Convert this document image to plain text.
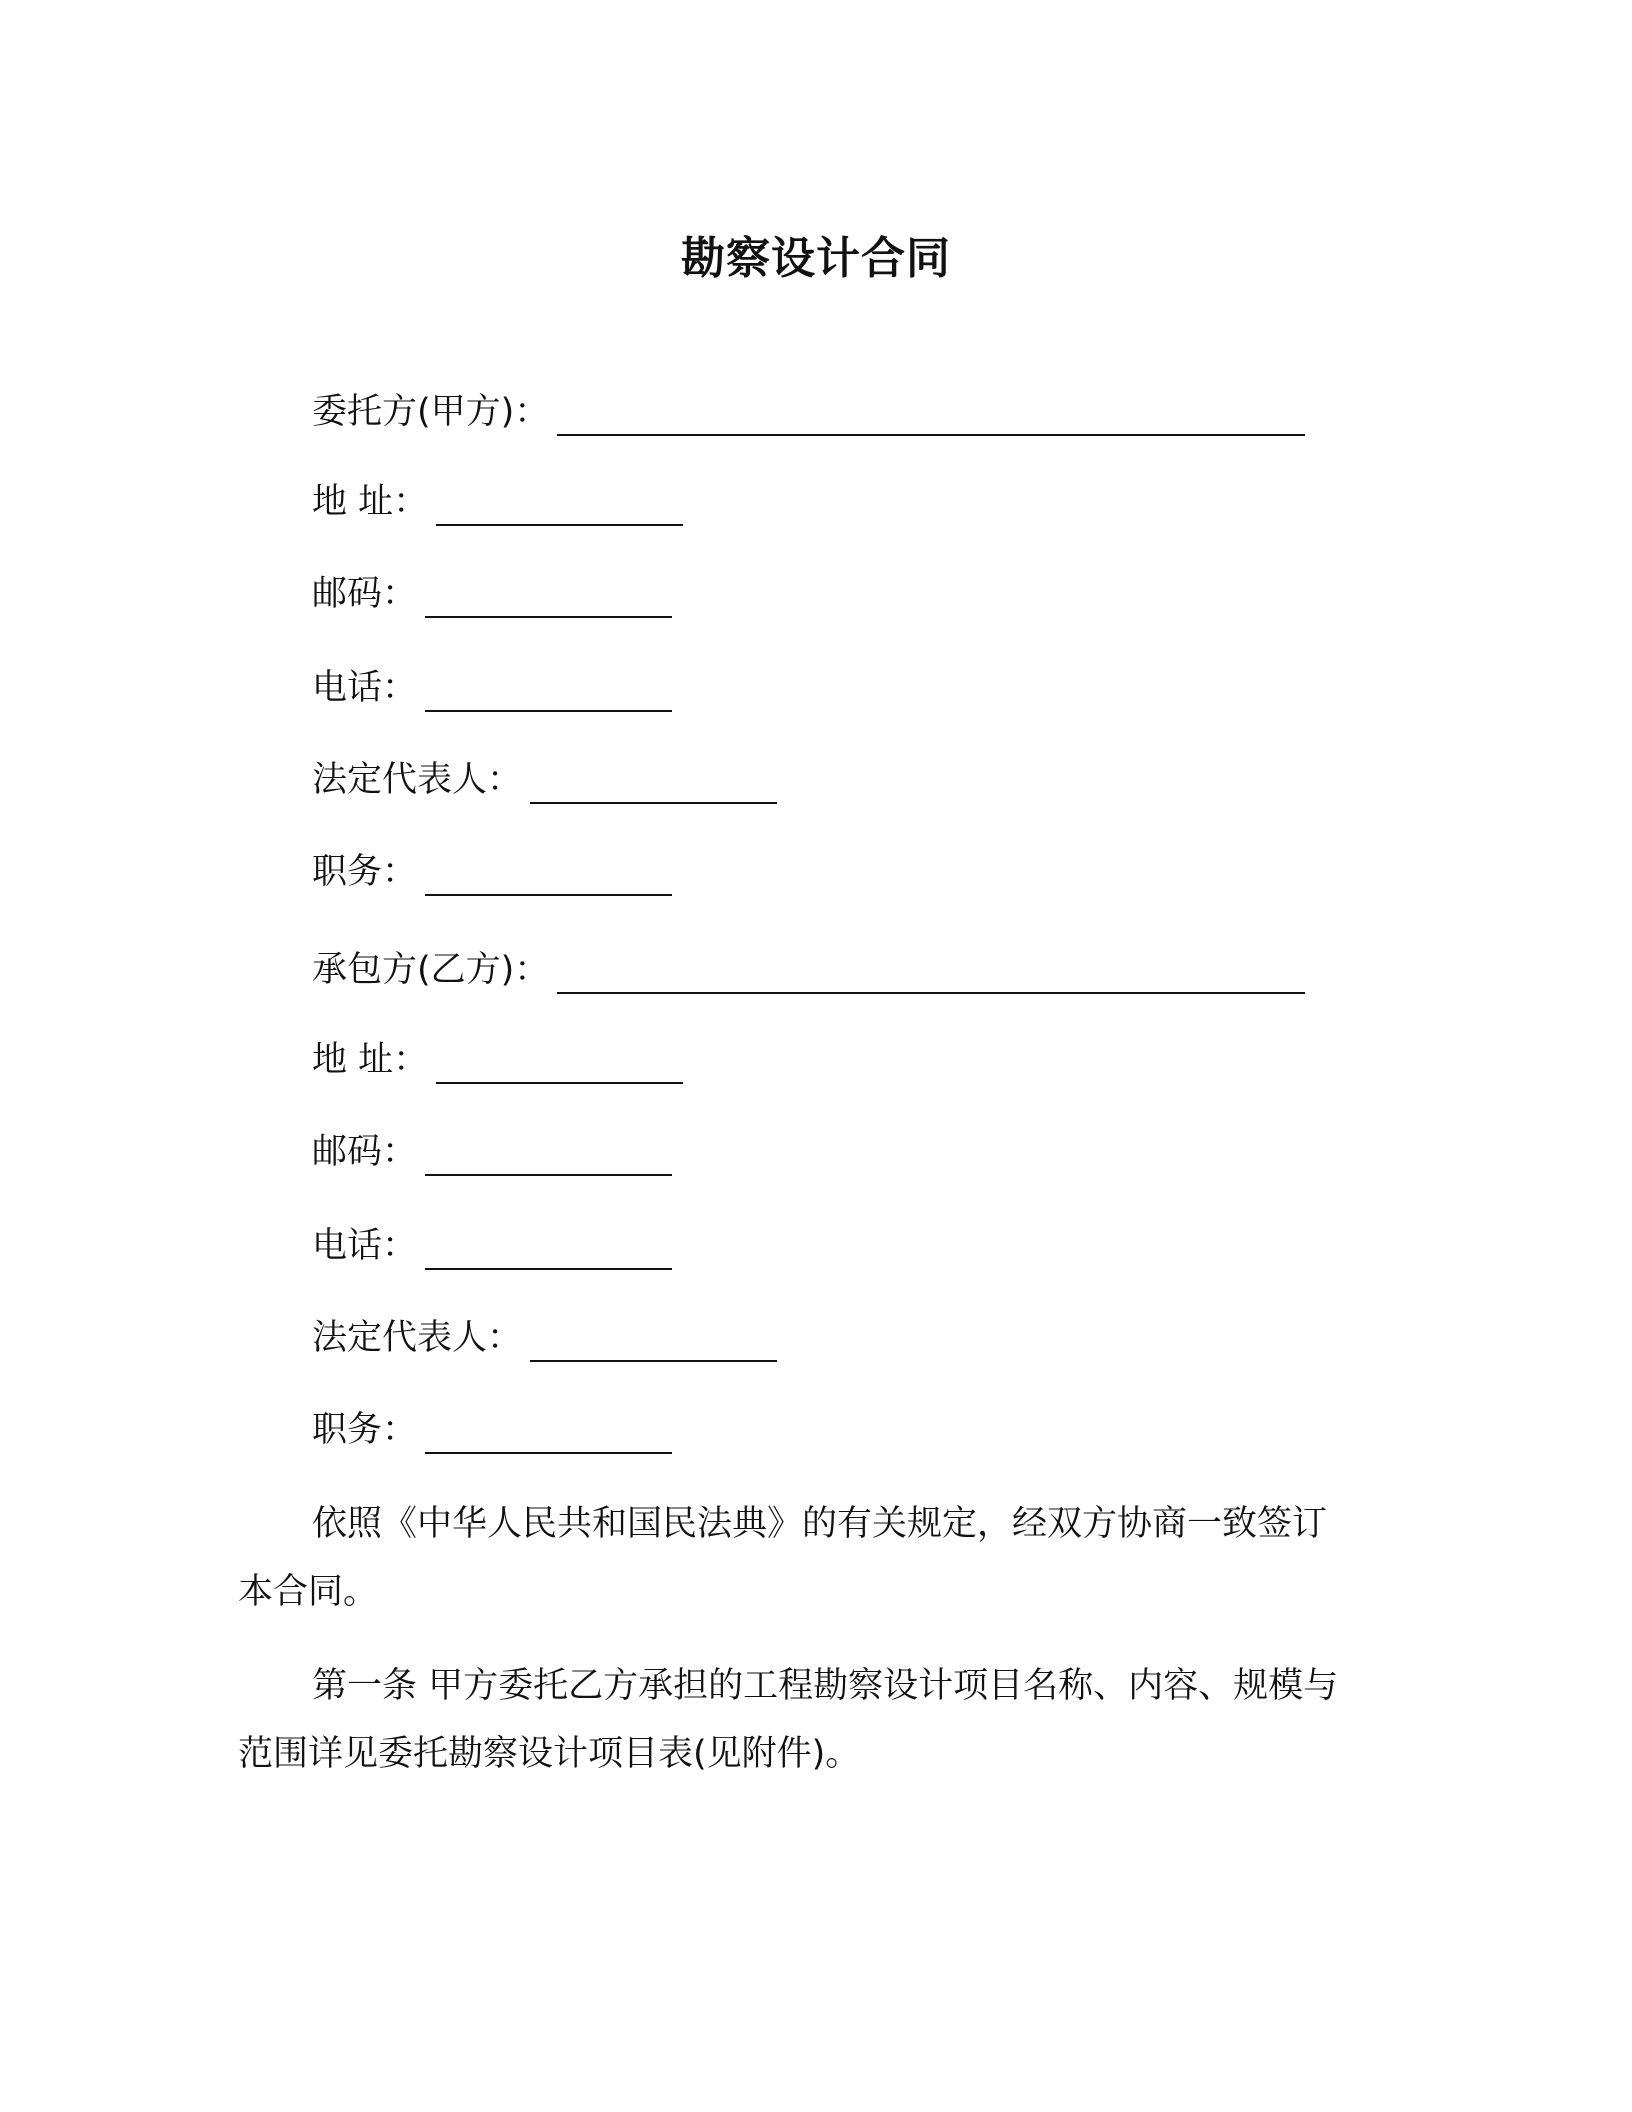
勘察设计合同
委托方(甲方)：
地 址：
邮码：
电话：
法定代表人：
职务：
承包方(乙方)：
地 址：
邮码：
电话：
法定代表人：
职务：

依照《中华人民共和国民法典》的有关规定，经双方协商一致签订本合同。

第一条 甲方委托乙方承担的工程勘察设计项目名称、内容、规模与范围详见委托勘察设计项目表(见附件)。
